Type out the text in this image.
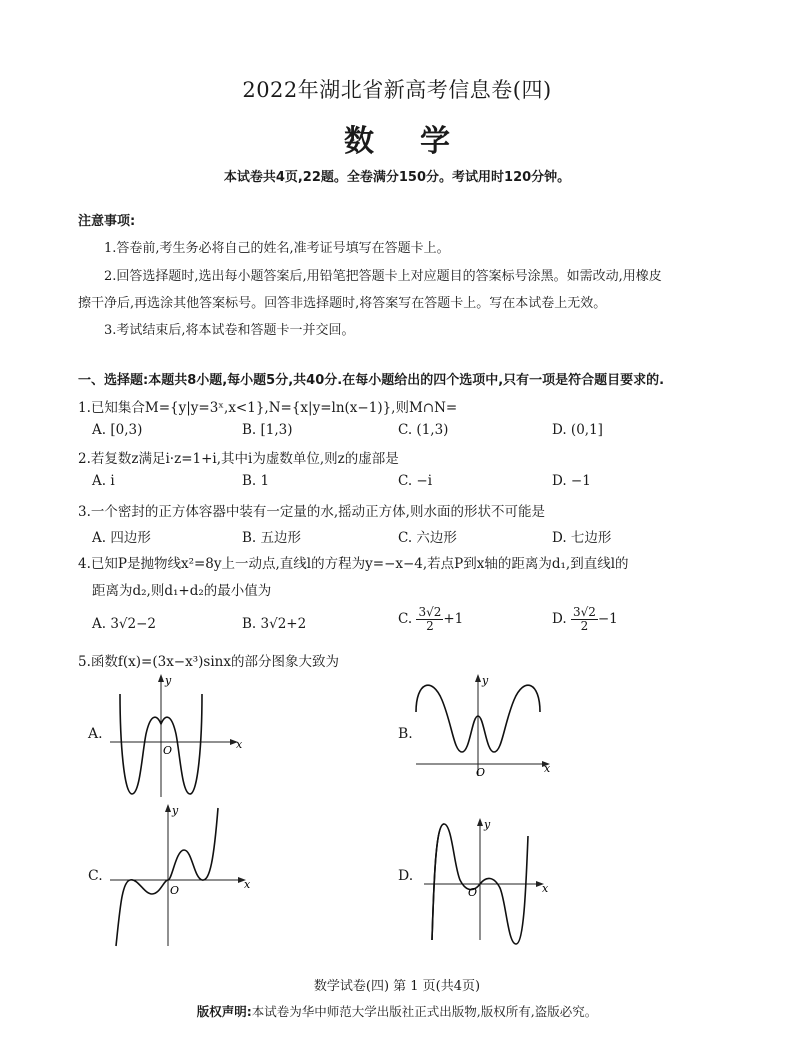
2022年湖北省新高考信息卷(四)
数学
本试卷共4页,22题。全卷满分150分。考试用时120分钟。
注意事项:
1.答卷前,考生务必将自己的姓名,准考证号填写在答题卡上。
2.回答选择题时,选出每小题答案后,用铅笔把答题卡上对应题目的答案标号涂黑。如需改动,用橡皮
擦干净后,再选涂其他答案标号。回答非选择题时,将答案写在答题卡上。写在本试卷上无效。
3.考试结束后,将本试卷和答题卡一并交回。
一、选择题:本题共8小题,每小题5分,共40分.在每小题给出的四个选项中,只有一项是符合题目要求的.
1.已知集合M={y|y=3ˣ,x<1},N={x|y=ln(x−1)},则M∩N=
A. [0,3)	B. [1,3)	C. (1,3)	D. (0,1]
2.若复数z满足i·z=1+i,其中i为虚数单位,则z的虚部是
A. i	B. 1	C. −i	D. −1
3.一个密封的正方体容器中装有一定量的水,摇动正方体,则水面的形状不可能是
A. 四边形	B. 五边形	C. 六边形	D. 七边形
4.已知P是抛物线x²=8y上一动点,直线l的方程为y=−x−4,若点P到x轴的距离为d₁,到直线l的
距离为d₂,则d₁+d₂的最小值为
A. 3√2−2	B. 3√2+2	C. $\frac{3√2}{2} +1$	D. $\frac{3√2}{2} -1$
5.函数f(x)=(3x−x³)sinx的部分图象大致为
A.
x
y
O
B.
x
y
O
C.
x
y
O
D.
x
y
O
数学试卷(四) 第 1 页(共4页)
版权声明:本试卷为华中师范大学出版社正式出版物,版权所有,盗版必究。
